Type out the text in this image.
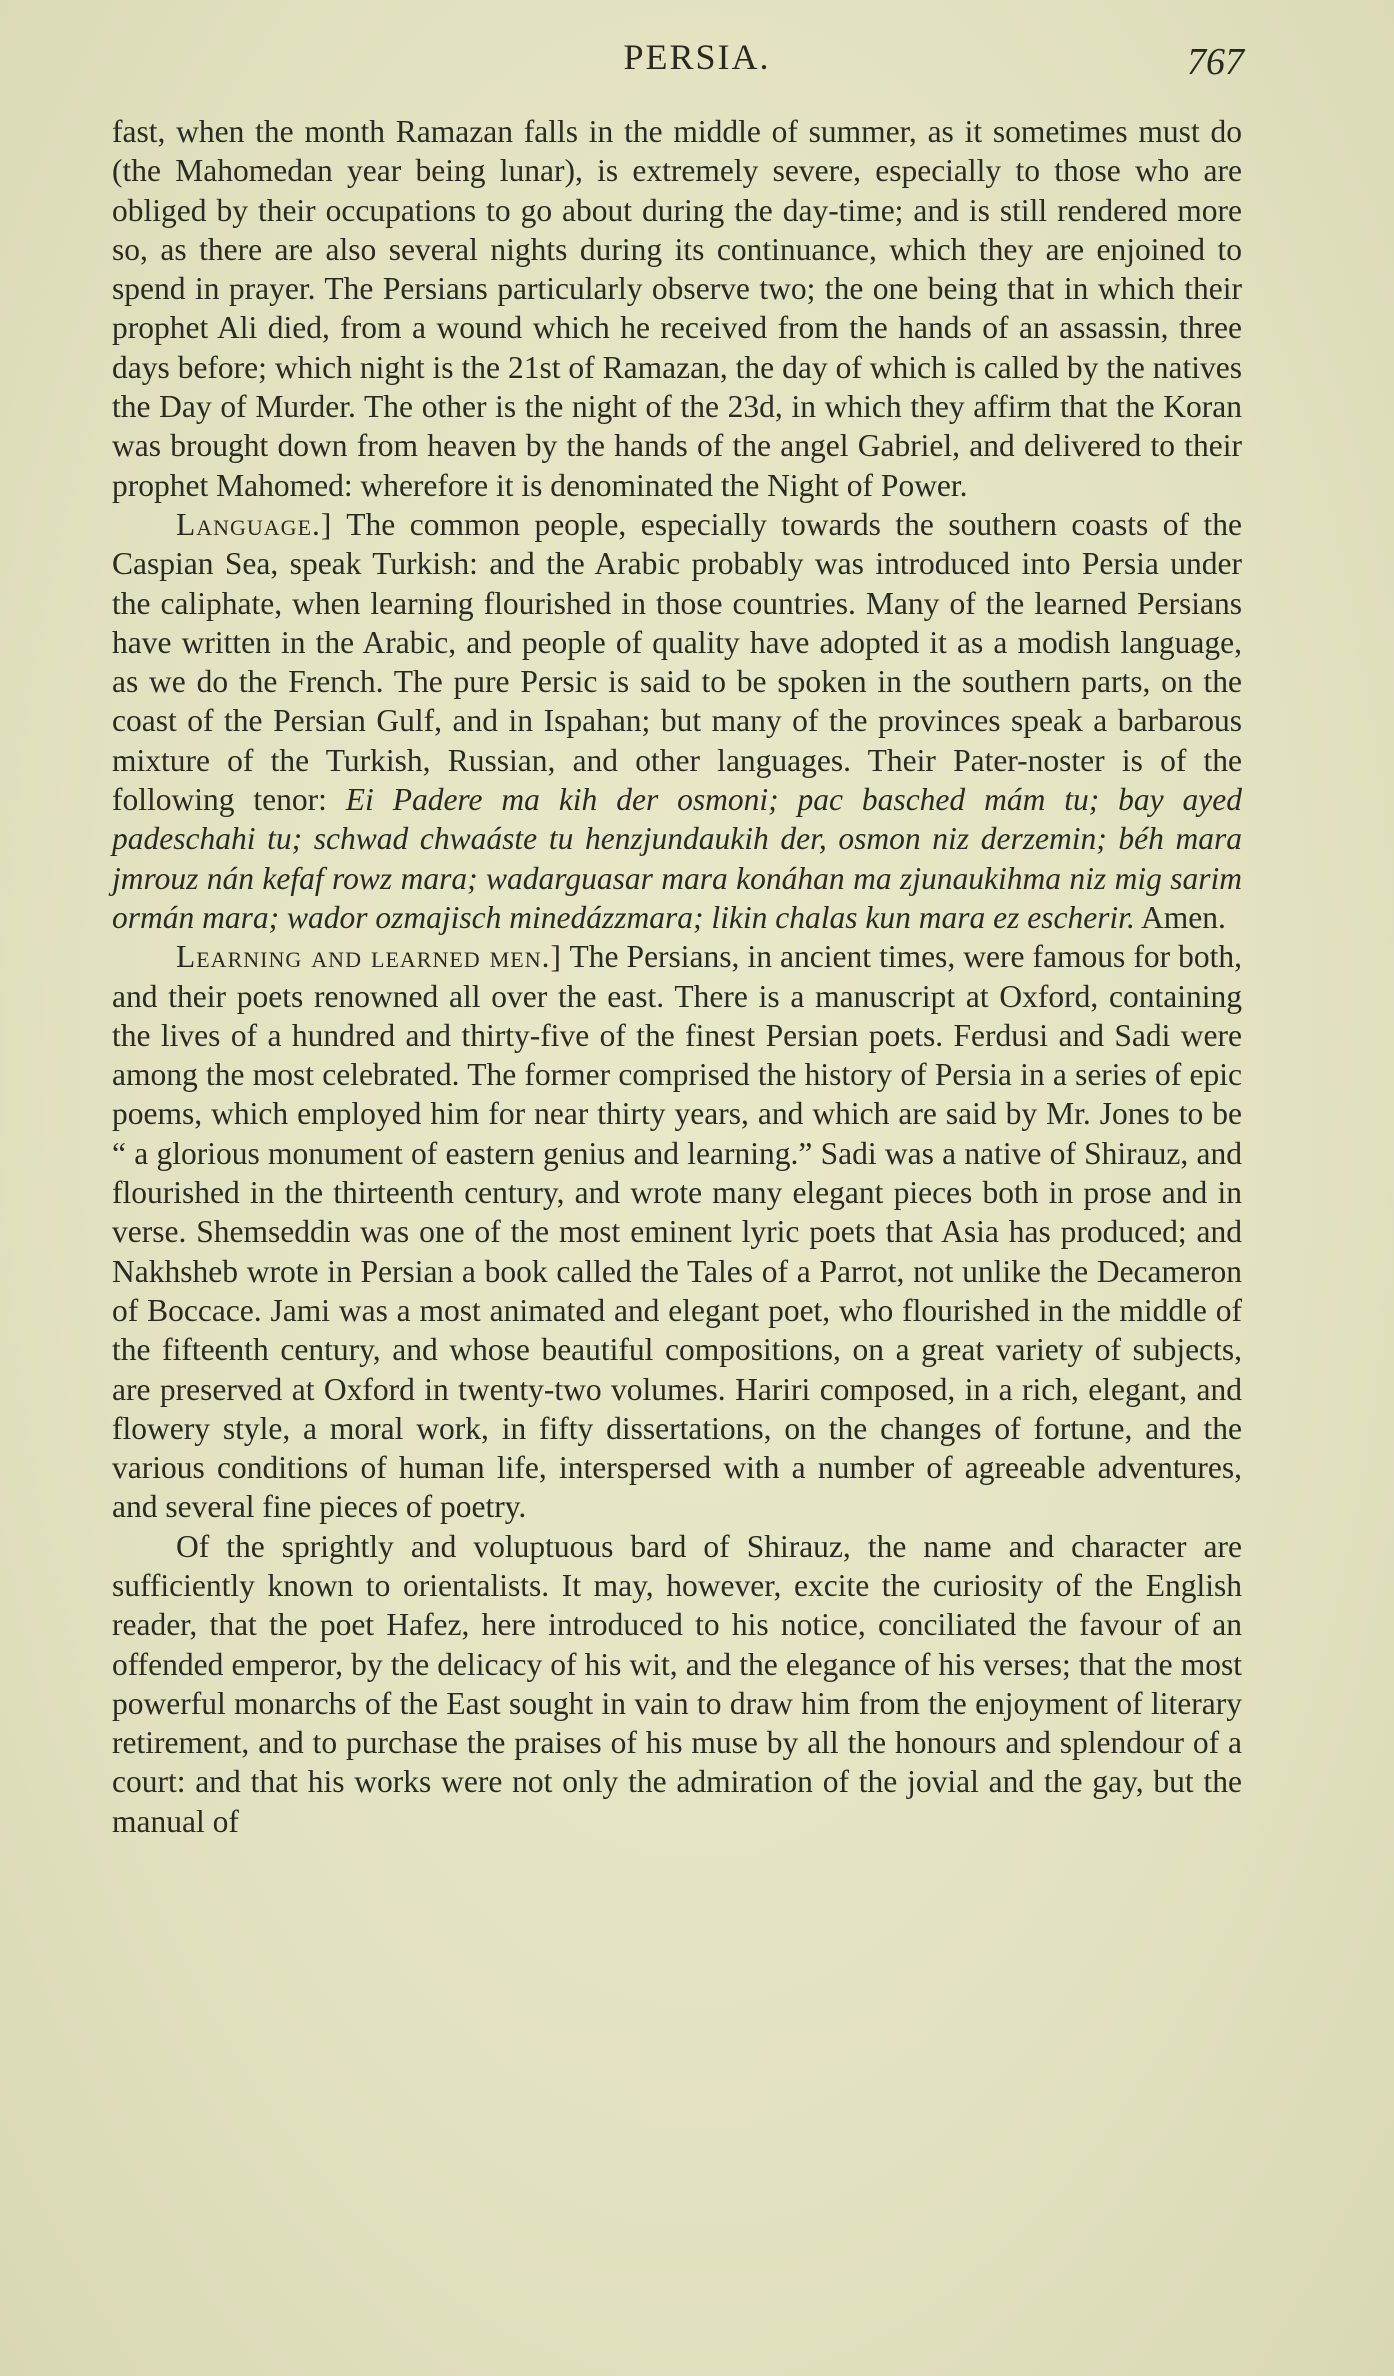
PERSIA.	767

fast, when the month Ramazan falls in the middle of summer, as it sometimes must do (the Mahomedan year being lunar), is extremely severe, especially to those who are obliged by their occupations to go about during the day-time; and is still rendered more so, as there are also several nights during its continuance, which they are enjoined to spend in prayer. The Persians particularly observe two; the one being that in which their prophet Ali died, from a wound which he received from the hands of an assassin, three days before; which night is the 21st of Ramazan, the day of which is called by the natives the Day of Murder. The other is the night of the 23d, in which they affirm that the Koran was brought down from heaven by the hands of the angel Gabriel, and delivered to their prophet Mahomed: wherefore it is denominated the Night of Power.

Language.] The common people, especially towards the southern coasts of the Caspian Sea, speak Turkish: and the Arabic probably was introduced into Persia under the caliphate, when learning flourished in those countries. Many of the learned Persians have written in the Arabic, and people of quality have adopted it as a modish language, as we do the French. The pure Persic is said to be spoken in the southern parts, on the coast of the Persian Gulf, and in Ispahan; but many of the provinces speak a barbarous mixture of the Turkish, Russian, and other languages. Their Pater-noster is of the following tenor: Ei Padere ma kih der osmoni; pac basched mám tu; bay ayed padeschahi tu; schwad chwaáste tu henzjundaukih der, osmon niz derzemin; béh mara jmrouz nán kefaf rowz mara; wadarguasar mara konáhan ma zjunaukihma niz mig sarim ormán mara; wador ozmajisch minedázzmara; likin chalas kun mara ez escherir. Amen.

Learning and learned men.] The Persians, in ancient times, were famous for both, and their poets renowned all over the east. There is a manuscript at Oxford, containing the lives of a hundred and thirty-five of the finest Persian poets. Ferdusi and Sadi were among the most celebrated. The former comprised the history of Persia in a series of epic poems, which employed him for near thirty years, and which are said by Mr. Jones to be “ a glorious monument of eastern genius and learning.” Sadi was a native of Shirauz, and flourished in the thirteenth century, and wrote many elegant pieces both in prose and in verse. Shemseddin was one of the most eminent lyric poets that Asia has produced; and Nakhsheb wrote in Persian a book called the Tales of a Parrot, not unlike the Decameron of Boccace. Jami was a most animated and elegant poet, who flourished in the middle of the fifteenth century, and whose beautiful compositions, on a great variety of subjects, are preserved at Oxford in twenty-two volumes. Hariri composed, in a rich, elegant, and flowery style, a moral work, in fifty dissertations, on the changes of fortune, and the various conditions of human life, interspersed with a number of agreeable adventures, and several fine pieces of poetry.

Of the sprightly and voluptuous bard of Shirauz, the name and character are sufficiently known to orientalists. It may, however, excite the curiosity of the English reader, that the poet Hafez, here introduced to his notice, conciliated the favour of an offended emperor, by the delicacy of his wit, and the elegance of his verses; that the most powerful monarchs of the East sought in vain to draw him from the enjoyment of literary retirement, and to purchase the praises of his muse by all the honours and splendour of a court: and that his works were not only the admiration of the jovial and the gay, but the manual of
